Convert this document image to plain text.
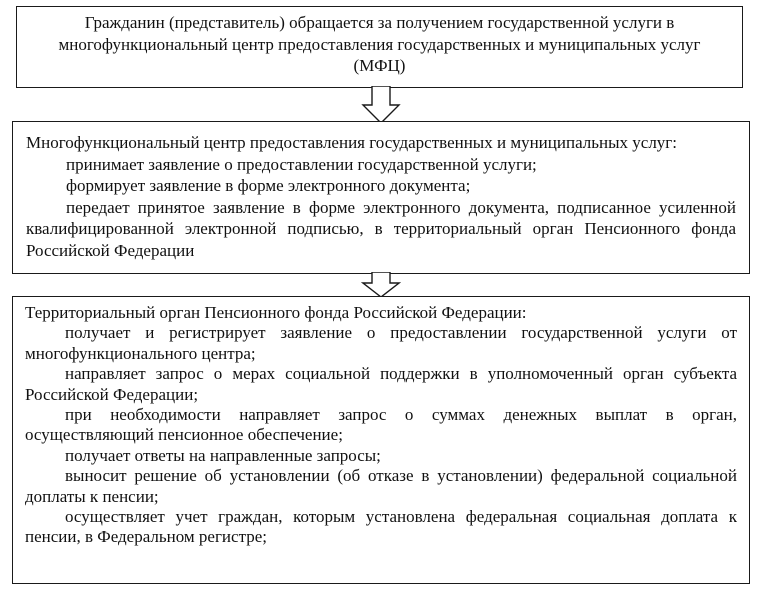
Гражданин (представитель) обращается за получением государственной услуги в многофункциональный центр предоставления государственных и муниципальных услуг (МФЦ)

Многофункциональный центр предоставления государственных и муниципальных услуг:

принимает заявление о предоставлении государственной услуги;

формирует заявление в форме электронного документа;

передает принятое заявление в форме электронного документа, подписанное усиленной квалифицированной электронной подписью, в территориальный орган Пенсионного фонда Российской Федерации

Территориальный орган Пенсионного фонда Российской Федерации:

получает и регистрирует заявление о предоставлении государственной услуги от многофункционального центра;

направляет запрос о мерах социальной поддержки в уполномоченный орган субъекта Российской Федерации;

при необходимости направляет запрос о суммах денежных выплат в орган, осуществляющий пенсионное обеспечение;

получает ответы на направленные запросы;

выносит решение об установлении (об отказе в установлении) федеральной социальной доплаты к пенсии;

осуществляет учет граждан, которым установлена федеральная социальная доплата к пенсии, в Федеральном регистре;
